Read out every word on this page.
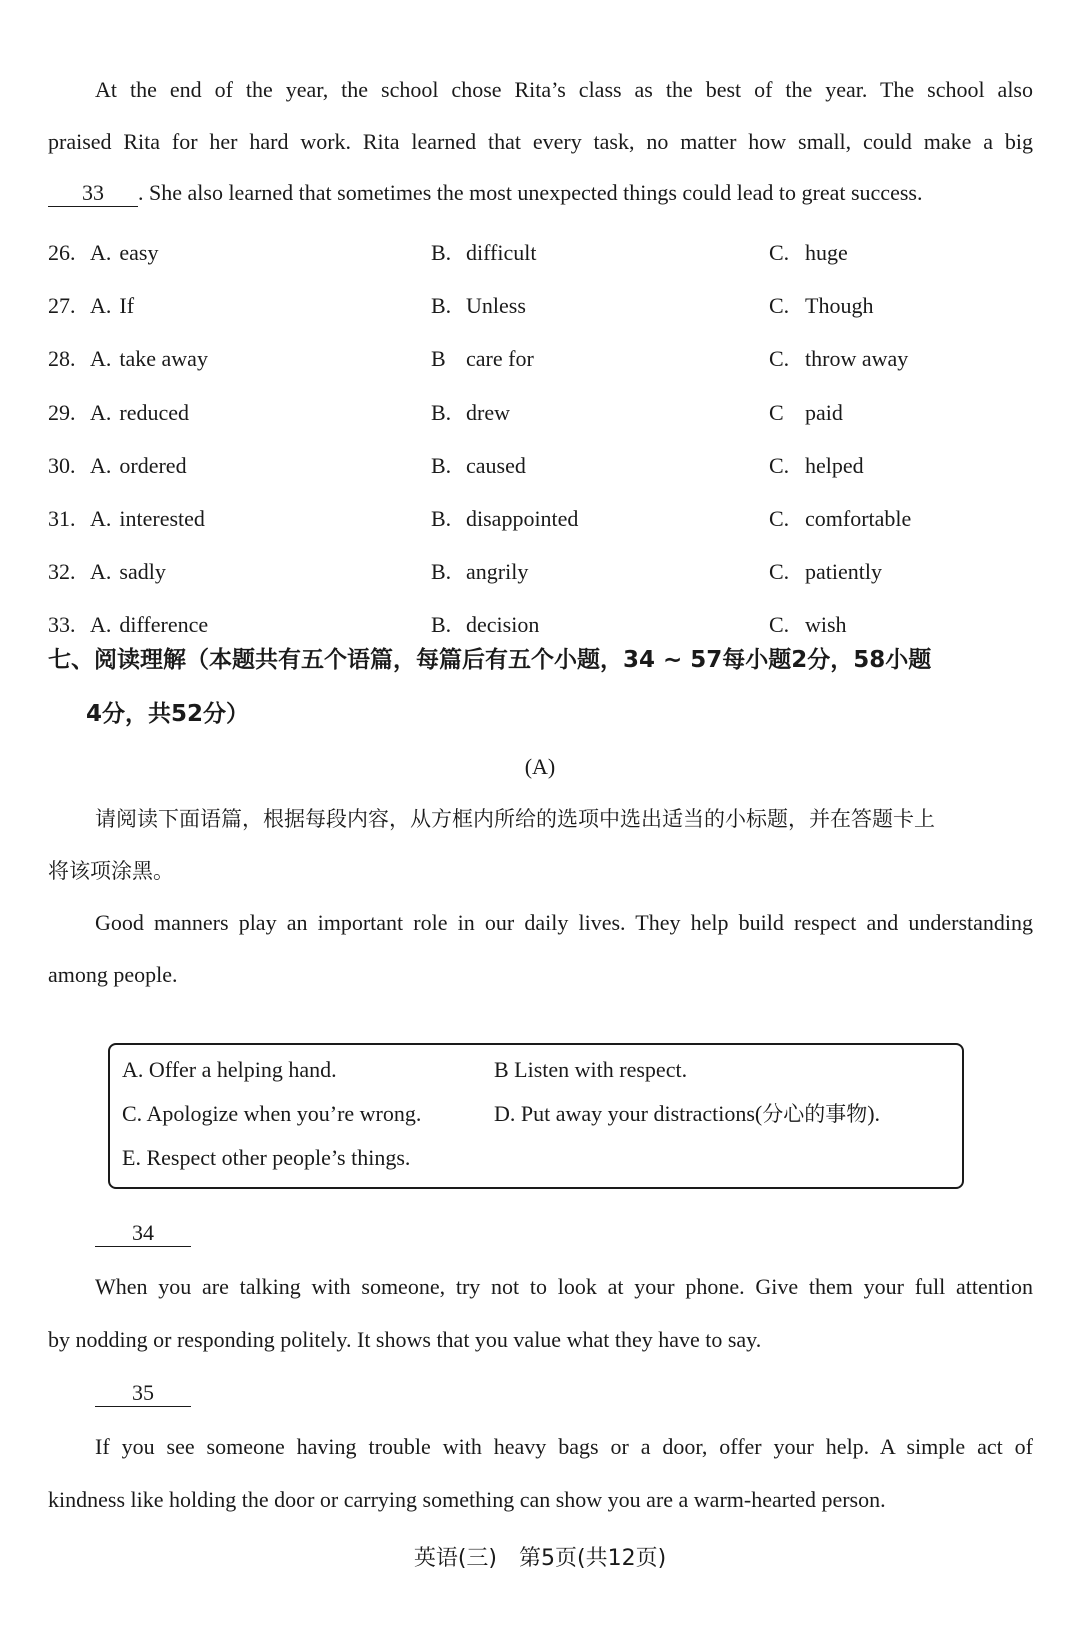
At the end of the year, the school chose Rita’s class as the best of the year. The school also
praised Rita for her hard work. Rita learned that every task, no matter how small, could make a big
33 . She also learned that sometimes the most unexpected things could lead to great success.
26. A. easy	B. difficult	C. huge
27. A. If	B. Unless	C. Though
28. A. take away	B care for	C. throw away
29. A. reduced	B. drew	C paid
30. A. ordered	B. caused	C. helped
31. A. interested	B. disappointed	C. comfortable
32. A. sadly	B. angrily	C. patiently
33. A. difference	B. decision	C. wish
七、阅读理解（本题共有五个语篇，每篇后有五个小题，34 ~ 57每小题2分，58小题
4分，共52分）
(A)
请阅读下面语篇，根据每段内容，从方框内所给的选项中选出适当的小标题，并在答题卡上
将该项涂黑。
Good manners play an important role in our daily lives. They help build respect and understanding
among people.
A. Offer a helping hand.	B Listen with respect.
C. Apologize when you’re wrong.	D. Put away your distractions(分心的事物).
E. Respect other people’s things.
34
When you are talking with someone, try not to look at your phone. Give them your full attention
by nodding or responding politely. It shows that you value what they have to say.
35
If you see someone having trouble with heavy bags or a door, offer your help. A simple act of
kindness like holding the door or carrying something can show you are a warm-hearted person.
英语(三)　第5页(共12页)
